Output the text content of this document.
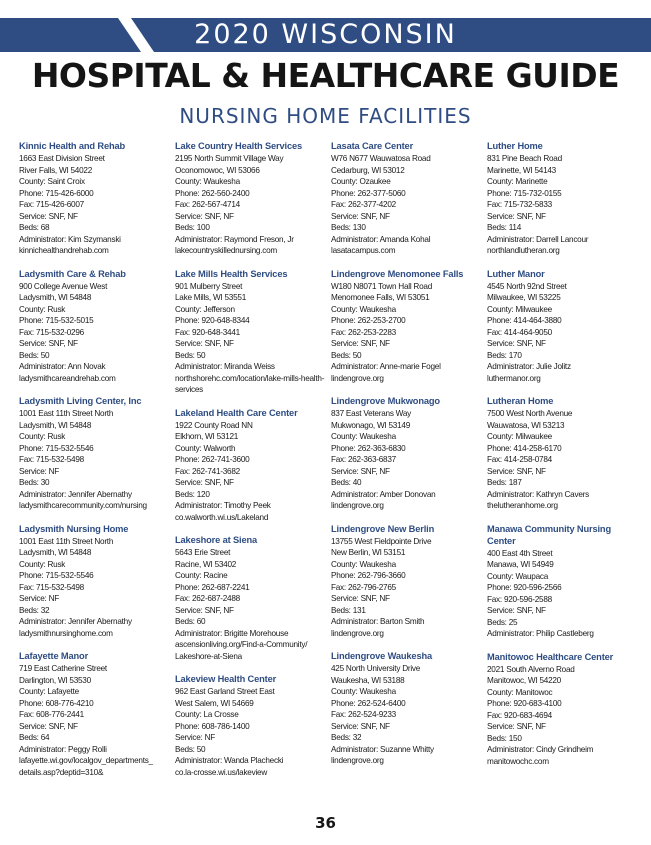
2020 WISCONSIN
HOSPITAL & HEALTHCARE GUIDE
NURSING HOME FACILITIES
Kinnic Health and Rehab
1663 East Division Street
River Falls, WI 54022
County: Saint Croix
Phone: 715-426-6000
Fax: 715-426-6007
Service: SNF, NF
Beds: 68
Administrator: Kim Szymanski
kinnichealthandrehab.com
Ladysmith Care & Rehab
900 College Avenue West
Ladysmith, WI 54848
County: Rusk
Phone: 715-532-5015
Fax: 715-532-0296
Service: SNF, NF
Beds: 50
Administrator: Ann Novak
ladysmithcareandrehab.com
Ladysmith Living Center, Inc
1001 East 11th Street North
Ladysmith, WI 54848
County: Rusk
Phone: 715-532-5546
Fax: 715-532-5498
Service: NF
Beds: 30
Administrator: Jennifer Abernathy
ladysmithcarecommunity.com/nursing
Ladysmith Nursing Home
1001 East 11th Street North
Ladysmith, WI 54848
County: Rusk
Phone: 715-532-5546
Fax: 715-532-5498
Service: NF
Beds: 32
Administrator: Jennifer Abernathy
ladysmithnursinghome.com
Lafayette Manor
719 East Catherine Street
Darlington, WI 53530
County: Lafayette
Phone: 608-776-4210
Fax: 608-776-2441
Service: SNF, NF
Beds: 64
Administrator: Peggy Rolli
lafayette.wi.gov/localgov_departments_
details.asp?deptid=310&
Lake Country Health Services
2195 North Summit Village Way
Oconomowoc, WI 53066
County: Waukesha
Phone: 262-560-2400
Fax: 262-567-4714
Service: SNF, NF
Beds: 100
Administrator: Raymond Freson, Jr
lakecountryskillednursing.com
Lake Mills Health Services
901 Mulberry Street
Lake Mills, WI 53551
County: Jefferson
Phone: 920-648-8344
Fax: 920-648-3441
Service: SNF, NF
Beds: 50
Administrator: Miranda Weiss
northshorehc.com/location/lake-mills-health-
services
Lakeland Health Care Center
1922 County Road NN
Elkhorn, WI 53121
County: Walworth
Phone: 262-741-3600
Fax: 262-741-3682
Service: SNF, NF
Beds: 120
Administrator: Timothy Peek
co.walworth.wi.us/Lakeland
Lakeshore at Siena
5643 Erie Street
Racine, WI 53402
County: Racine
Phone: 262-687-2241
Fax: 262-687-2488
Service: SNF, NF
Beds: 60
Administrator: Brigitte Morehouse
ascensionliving.org/Find-a-Community/
Lakeshore-at-Siena
Lakeview Health Center
962 East Garland Street East
West Salem, WI 54669
County: La Crosse
Phone: 608-786-1400
Service: NF
Beds: 50
Administrator: Wanda Plachecki
co.la-crosse.wi.us/lakeview
Lasata Care Center
W76 N677 Wauwatosa Road
Cedarburg, WI 53012
County: Ozaukee
Phone: 262-377-5060
Fax: 262-377-4202
Service: SNF, NF
Beds: 130
Administrator: Amanda Kohal
lasatacampus.com
Lindengrove Menomonee Falls
W180 N8071 Town Hall Road
Menomonee Falls, WI 53051
County: Waukesha
Phone: 262-253-2700
Fax: 262-253-2283
Service: SNF, NF
Beds: 50
Administrator: Anne-marie Fogel
lindengrove.org
Lindengrove Mukwonago
837 East Veterans Way
Mukwonago, WI 53149
County: Waukesha
Phone: 262-363-6830
Fax: 262-363-6837
Service: SNF, NF
Beds: 40
Administrator: Amber Donovan
lindengrove.org
Lindengrove New Berlin
13755 West Fieldpointe Drive
New Berlin, WI 53151
County: Waukesha
Phone: 262-796-3660
Fax: 262-796-2765
Service: SNF, NF
Beds: 131
Administrator: Barton Smith
lindengrove.org
Lindengrove Waukesha
425 North University Drive
Waukesha, WI 53188
County: Waukesha
Phone: 262-524-6400
Fax: 262-524-9233
Service: SNF, NF
Beds: 32
Administrator: Suzanne Whitty
lindengrove.org
Luther Home
831 Pine Beach Road
Marinette, WI 54143
County: Marinette
Phone: 715-732-0155
Fax: 715-732-5833
Service: SNF, NF
Beds: 114
Administrator: Darrell Lancour
northlandlutheran.org
Luther Manor
4545 North 92nd Street
Milwaukee, WI 53225
County: Milwaukee
Phone: 414-464-3880
Fax: 414-464-9050
Service: SNF, NF
Beds: 170
Administrator: Julie Jolitz
luthermanor.org
Lutheran Home
7500 West North Avenue
Wauwatosa, WI 53213
County: Milwaukee
Phone: 414-258-6170
Fax: 414-258-0784
Service: SNF, NF
Beds: 187
Administrator: Kathryn Cavers
thelutheranhome.org
Manawa Community Nursing Center
400 East 4th Street
Manawa, WI 54949
County: Waupaca
Phone: 920-596-2566
Fax: 920-596-2588
Service: SNF, NF
Beds: 25
Administrator: Philip Castleberg
Manitowoc Healthcare Center
2021 South Alverno Road
Manitowoc, WI 54220
County: Manitowoc
Phone: 920-683-4100
Fax: 920-683-4694
Service: SNF, NF
Beds: 150
Administrator: Cindy Grindheim
manitowochc.com
36
